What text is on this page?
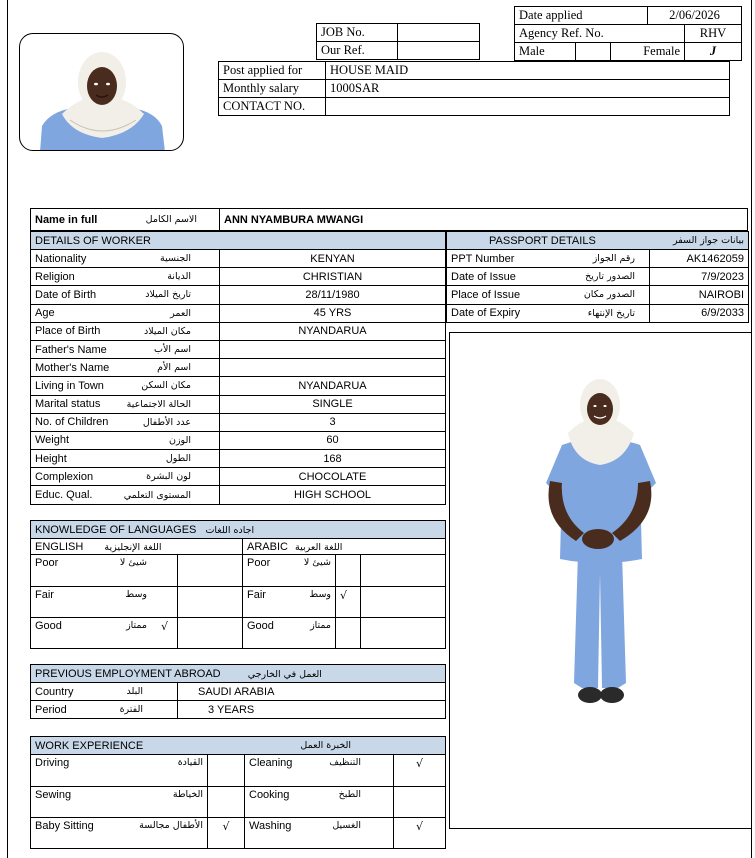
JOB No.	
Our Ref.	
Date applied			2/06/2026	
Agency Ref. No.				RHV
Male		Female		J
Post applied for	HOUSE MAID
Monthly salary	1000SAR
CONTACT NO.	
Name in full	الاسم الكامل	ANN NYAMBURA MWANGI
DETAILS OF WORKER	

Nationality الجنسية	KENYAN

Religion الديانة	CHRISTIAN

Date of Birth تاريخ الميلاد	28/11/1980

Age العمر	45 YRS

Place of Birth مكان الميلاد	NYANDARUA

Father's Name اسم الأب	

Mother's Name اسم الأم	

Living in Town مكان السكن	NYANDARUA

Marital status الحالة الاجتماعية	SINGLE

No. of Children عدد الأطفال	3

Weight الوزن	60

Height الطول	168

Complexion لون البشرة	CHOCOLATE

Educ. Qual. المستوى التعلمي	HIGH SCHOOL
PASSPORT DETAILS بيانات جواز السفر	

PPT Number رقم الجواز	AK1462059

Date of Issue الصدور تاريخ	7/9/2023

Place of Issue الصدور مكان	NAIROBI

Date of Expiry تاريخ الإنتهاء	6/9/2033
KNOWLEDGE OF LANGUAGES اجاده اللغات					
ENGLISH اللغة الإنجليزية			ARABIC اللغة العربية		

Poor شيئ لا			Poor شيئ لا		

Fair وسط			Fair وسط	√	

Good ممتاز	√		Good ممتاز		

PREVIOUS EMPLOYMENT ABROAD العمل في الخارجي	

Country البلد	SAUDI ARABIA

Period الفترة	3 YEARS
WORK EXPERIENCE الخبرة العمل			

Driving القيادة		Cleaning التنظيف	√

Sewing الخياطة		Cooking الطبخ	

Baby Sitting الأطفال مجالسة	√	Washing الغسيل	√
